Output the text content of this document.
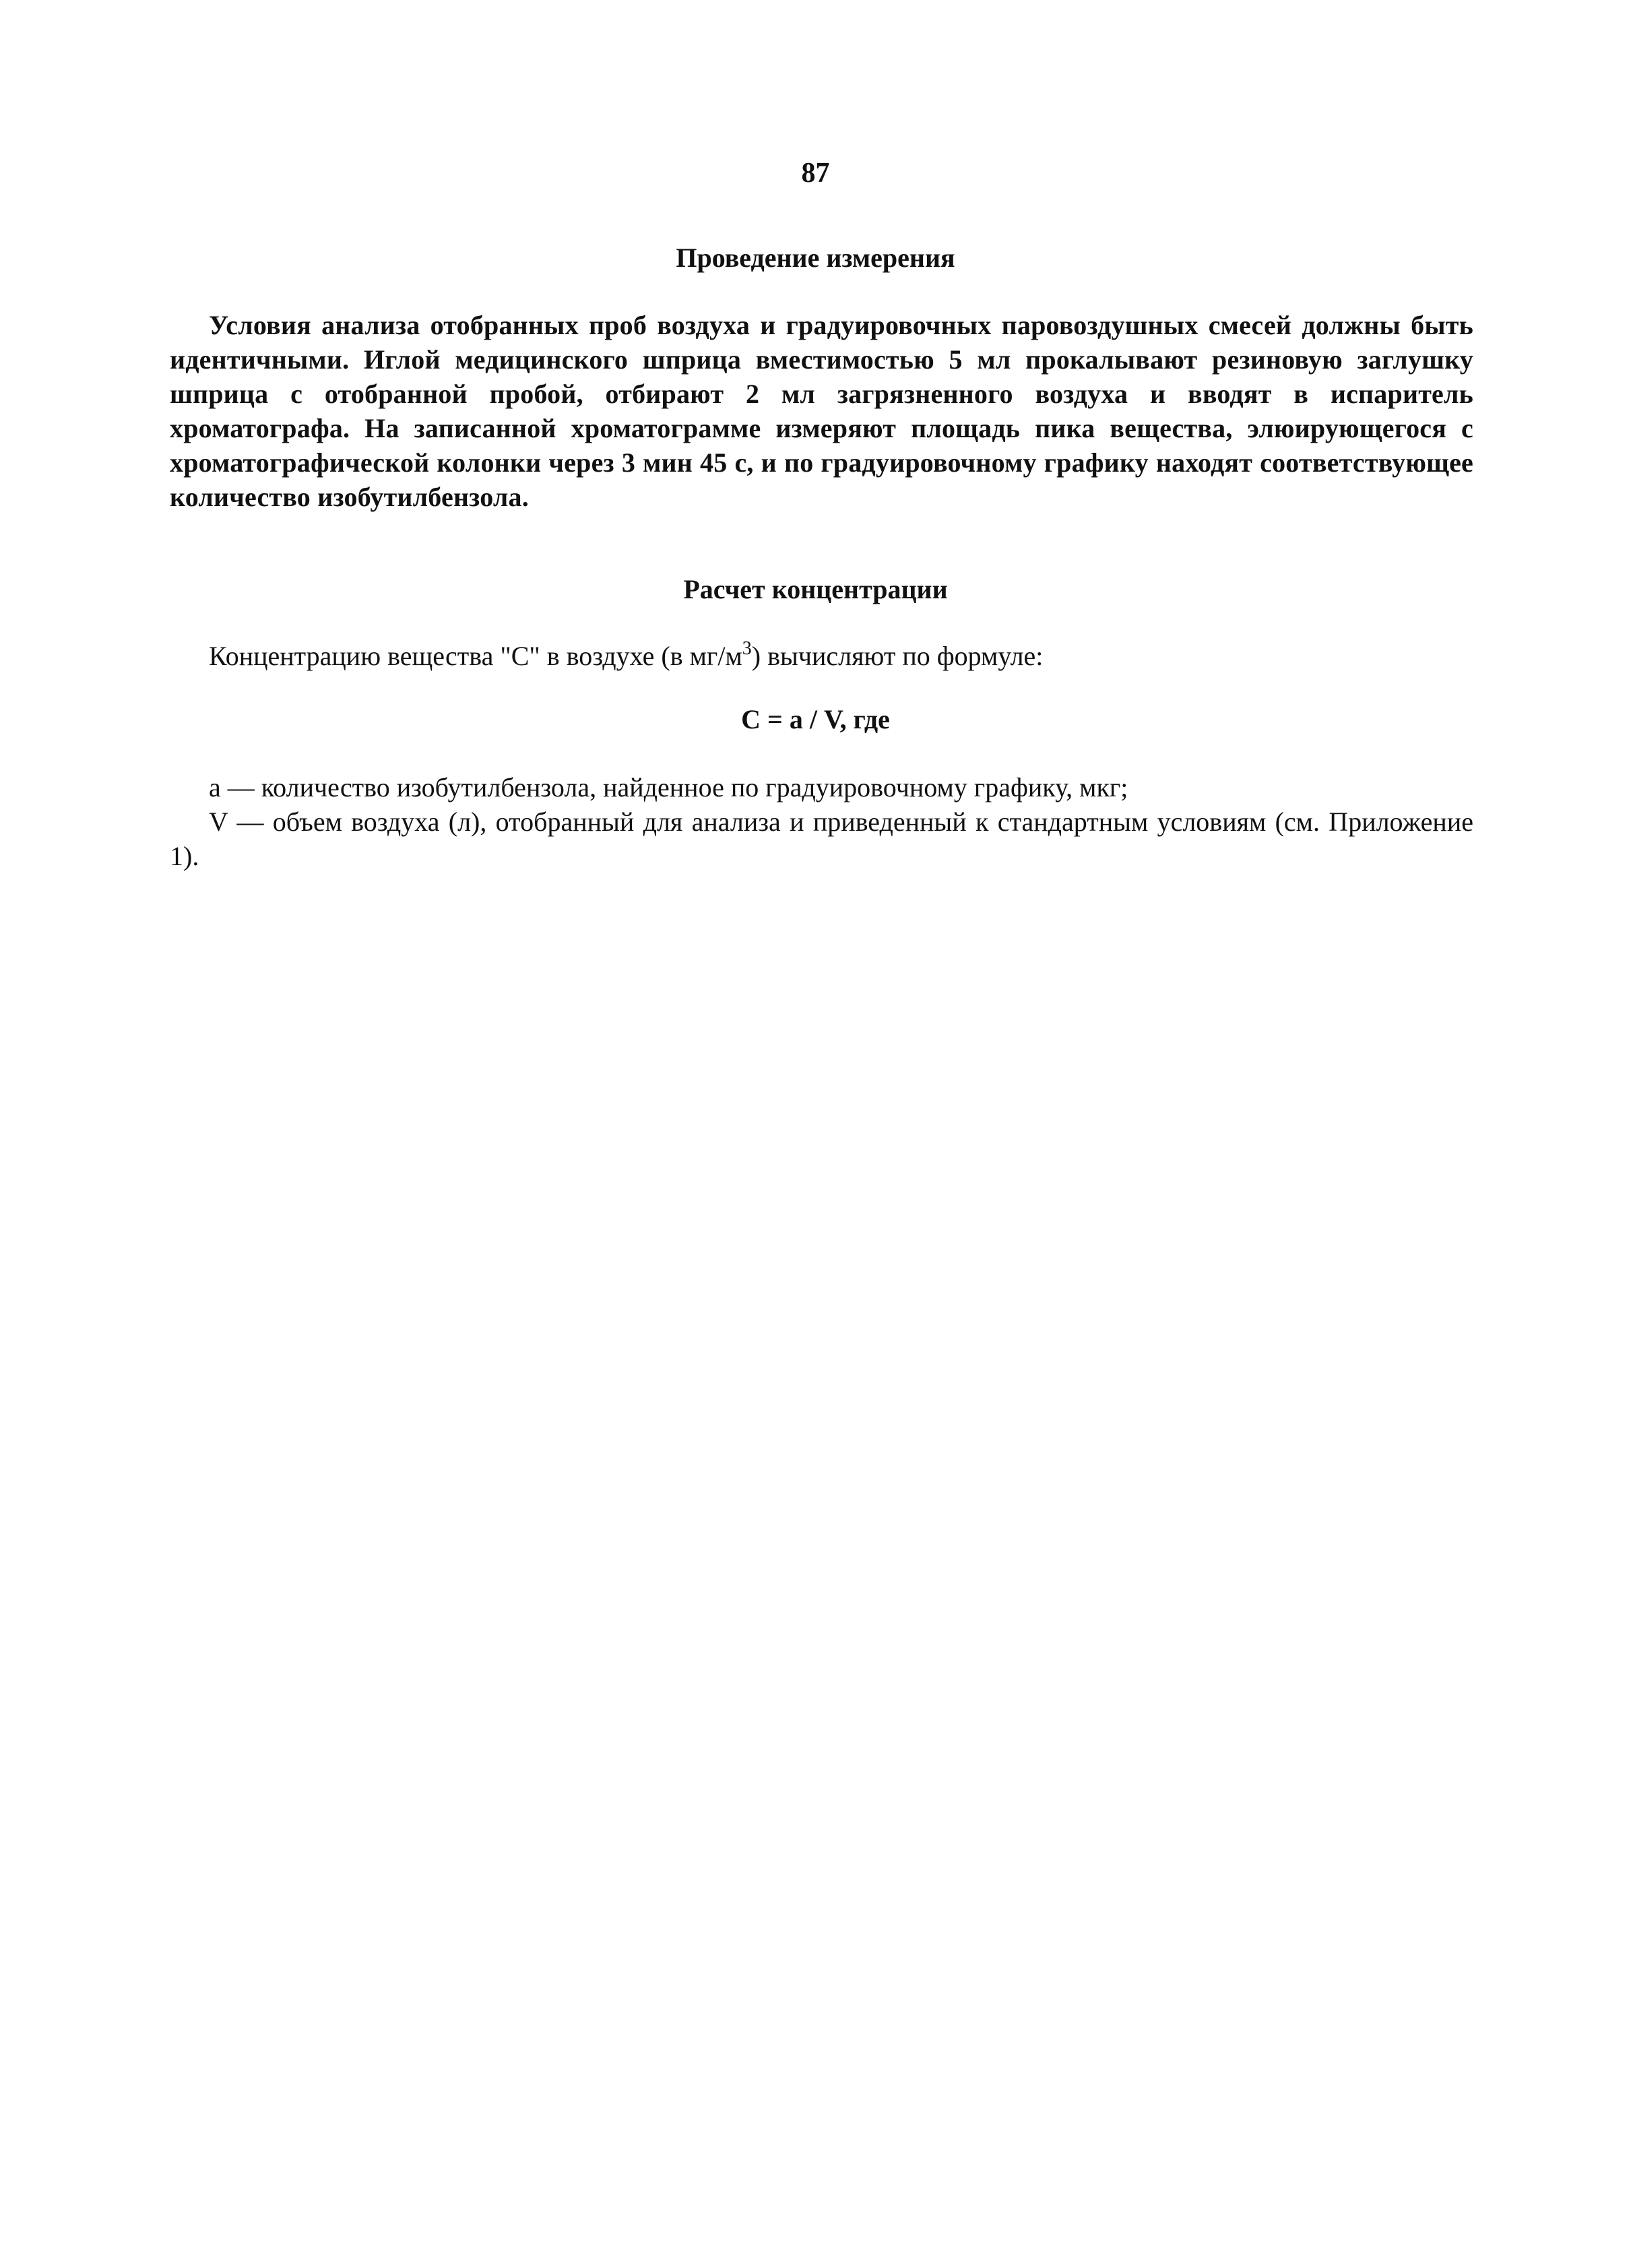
87
Проведение измерения

Условия анализа отобранных проб воздуха и градуировочных паровоздушных смесей должны быть идентичными. Иглой медицинского шприца вместимостью 5 мл прокалывают резиновую заглушку шприца с отобранной пробой, отбирают 2 мл загрязненного воздуха и вводят в испаритель хроматографа. На записанной хроматограмме измеряют площадь пика вещества, элюирующегося с хроматографической колонки через 3 мин 45 с, и по градуировочному графику находят соответствующее количество изобутилбензола.

Расчет концентрации

Концентрацию вещества "С" в воздухе (в $мг/м^3$) вычисляют по формуле:

С = а / V, где

а — количество изобутилбензола, найденное по градуировочному графику, мкг;

V — объем воздуха (л), отобранный для анализа и приведенный к стандартным условиям (см. Приложение 1).
